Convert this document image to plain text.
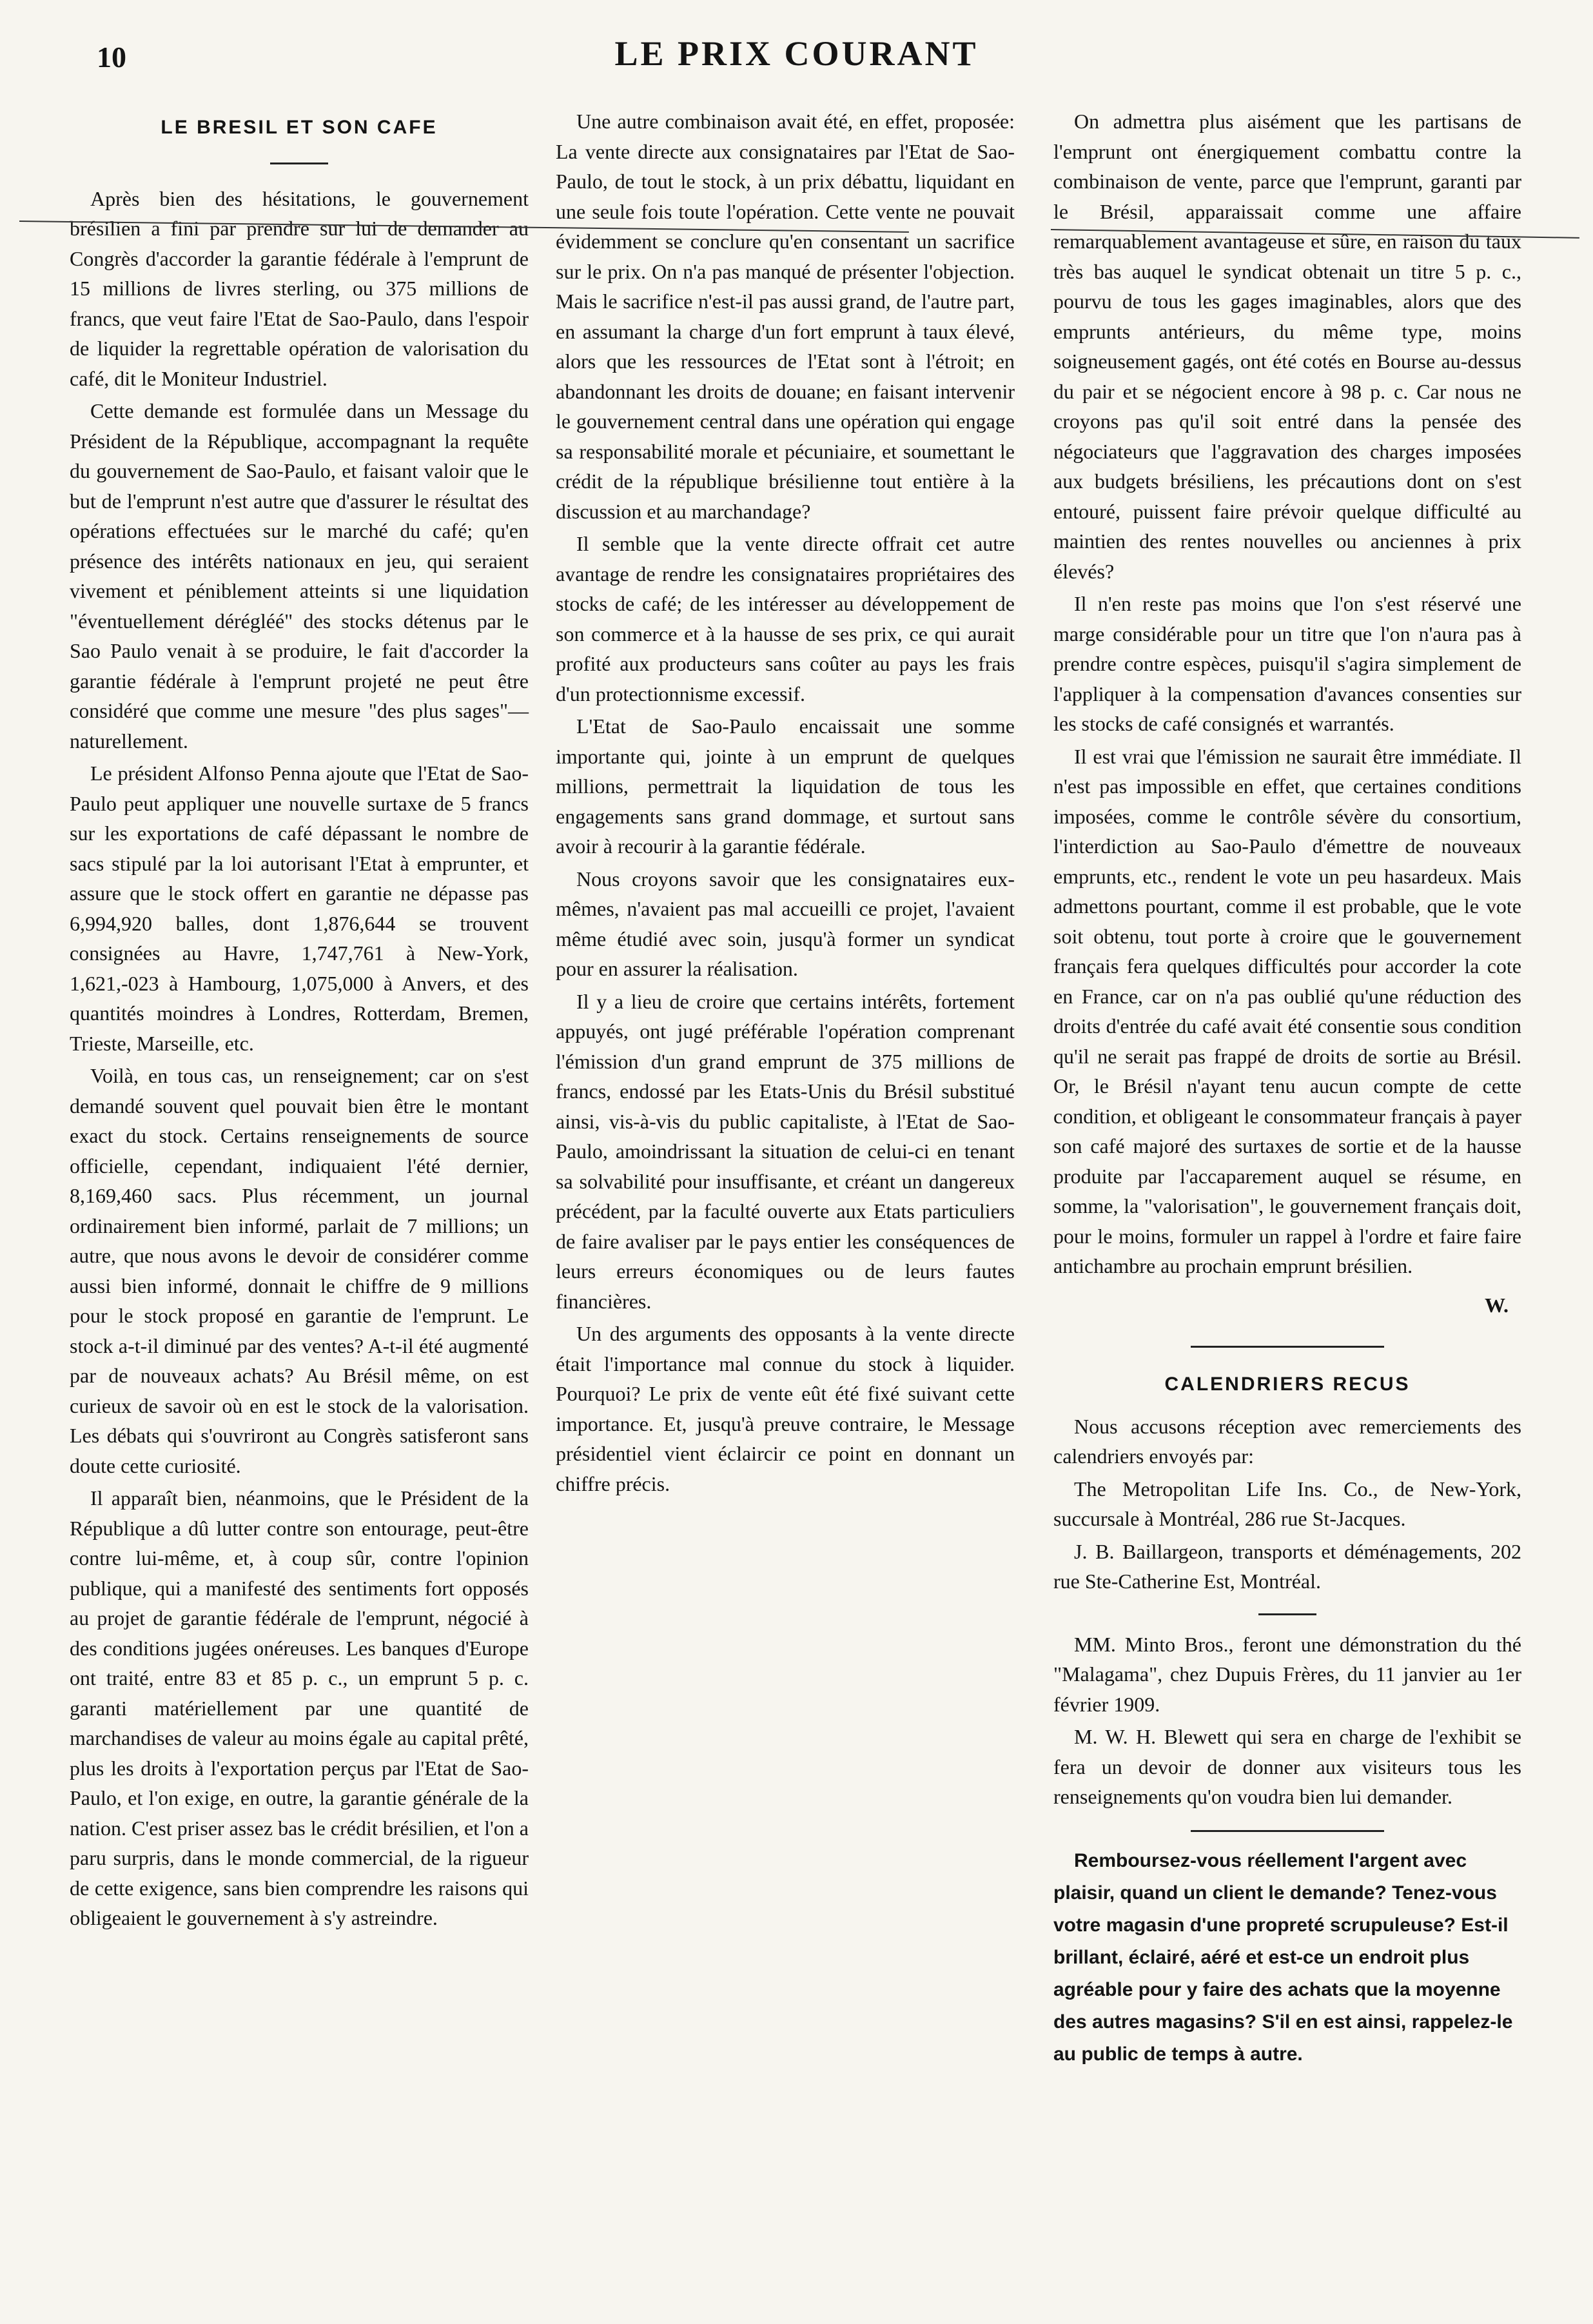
10	LE PRIX COURANT
LE BRESIL ET SON CAFE

Après bien des hésitations, le gouvernement brésilien a fini par prendre sur lui de demander au Congrès d'accorder la garantie fédérale à l'emprunt de 15 millions de livres sterling, ou 375 millions de francs, que veut faire l'Etat de Sao-Paulo, dans l'espoir de liquider la regrettable opération de valorisation du café, dit le Moniteur Industriel.

Cette demande est formulée dans un Message du Président de la République, accompagnant la requête du gouvernement de Sao-Paulo, et faisant valoir que le but de l'emprunt n'est autre que d'assurer le résultat des opérations effectuées sur le marché du café; qu'en présence des intérêts nationaux en jeu, qui seraient vivement et péniblement atteints si une liquidation "éventuellement dérégléé" des stocks détenus par le Sao Paulo venait à se produire, le fait d'accorder la garantie fédérale à l'emprunt projeté ne peut être considéré que comme une mesure "des plus sages"—naturellement.

Le président Alfonso Penna ajoute que l'Etat de Sao-Paulo peut appliquer une nouvelle surtaxe de 5 francs sur les exportations de café dépassant le nombre de sacs stipulé par la loi autorisant l'Etat à emprunter, et assure que le stock offert en garantie ne dépasse pas 6,994,920 balles, dont 1,876,644 se trouvent consignées au Havre, 1,747,761 à New-York, 1,621,-023 à Hambourg, 1,075,000 à Anvers, et des quantités moindres à Londres, Rotterdam, Bremen, Trieste, Marseille, etc.

Voilà, en tous cas, un renseignement; car on s'est demandé souvent quel pouvait bien être le montant exact du stock. Certains renseignements de source officielle, cependant, indiquaient l'été dernier, 8,169,460 sacs. Plus récemment, un journal ordinairement bien informé, parlait de 7 millions; un autre, que nous avons le devoir de considérer comme aussi bien informé, donnait le chiffre de 9 millions pour le stock proposé en garantie de l'emprunt. Le stock a-t-il diminué par des ventes? A-t-il été augmenté par de nouveaux achats? Au Brésil même, on est curieux de savoir où en est le stock de la valorisation. Les débats qui s'ouvriront au Congrès satisferont sans doute cette curiosité.

Il apparaît bien, néanmoins, que le Président de la République a dû lutter contre son entourage, peut-être contre lui-même, et, à coup sûr, contre l'opinion publique, qui a manifesté des sentiments fort opposés au projet de garantie fédérale de l'emprunt, négocié à des conditions jugées onéreuses. Les banques d'Europe ont traité, entre 83 et 85 p. c., un emprunt 5 p. c. garanti matériellement par une quantité de marchandises de valeur au moins égale au capital prêté, plus les droits à l'exportation perçus par l'Etat de Sao-Paulo, et l'on exige, en outre, la garantie générale de la nation. C'est priser assez bas le crédit brésilien, et l'on a paru surpris, dans le monde commercial, de la rigueur de cette exigence, sans bien comprendre les raisons qui obligeaient le gouvernement à s'y astreindre.

Une autre combinaison avait été, en effet, proposée: La vente directe aux consignataires par l'Etat de Sao-Paulo, de tout le stock, à un prix débattu, liquidant en une seule fois toute l'opération. Cette vente ne pouvait évidemment se conclure qu'en consentant un sacrifice sur le prix. On n'a pas manqué de présenter l'objection. Mais le sacrifice n'est-il pas aussi grand, de l'autre part, en assumant la charge d'un fort emprunt à taux élevé, alors que les ressources de l'Etat sont à l'étroit; en abandonnant les droits de douane; en faisant intervenir le gouvernement central dans une opération qui engage sa responsabilité morale et pécuniaire, et soumettant le crédit de la république brésilienne tout entière à la discussion et au marchandage?

Il semble que la vente directe offrait cet autre avantage de rendre les consignataires propriétaires des stocks de café; de les intéresser au développement de son commerce et à la hausse de ses prix, ce qui aurait profité aux producteurs sans coûter au pays les frais d'un protectionnisme excessif.

L'Etat de Sao-Paulo encaissait une somme importante qui, jointe à un emprunt de quelques millions, permettrait la liquidation de tous les engagements sans grand dommage, et surtout sans avoir à recourir à la garantie fédérale.

Nous croyons savoir que les consignataires eux-mêmes, n'avaient pas mal accueilli ce projet, l'avaient même étudié avec soin, jusqu'à former un syndicat pour en assurer la réalisation.

Il y a lieu de croire que certains intérêts, fortement appuyés, ont jugé préférable l'opération comprenant l'émission d'un grand emprunt de 375 millions de francs, endossé par les Etats-Unis du Brésil substitué ainsi, vis-à-vis du public capitaliste, à l'Etat de Sao-Paulo, amoindrissant la situation de celui-ci en tenant sa solvabilité pour insuffisante, et créant un dangereux précédent, par la faculté ouverte aux Etats particuliers de faire avaliser par le pays entier les conséquences de leurs erreurs économiques ou de leurs fautes financières.

Un des arguments des opposants à la vente directe était l'importance mal connue du stock à liquider. Pourquoi? Le prix de vente eût été fixé suivant cette importance. Et, jusqu'à preuve contraire, le Message présidentiel vient éclaircir ce point en donnant un chiffre précis.

On admettra plus aisément que les partisans de l'emprunt ont énergiquement combattu contre la combinaison de vente, parce que l'emprunt, garanti par le Brésil, apparaissait comme une affaire remarquablement avantageuse et sûre, en raison du taux très bas auquel le syndicat obtenait un titre 5 p. c., pourvu de tous les gages imaginables, alors que des emprunts antérieurs, du même type, moins soigneusement gagés, ont été cotés en Bourse au-dessus du pair et se négocient encore à 98 p. c. Car nous ne croyons pas qu'il soit entré dans la pensée des négociateurs que l'aggravation des charges imposées aux budgets brésiliens, les précautions dont on s'est entouré, puissent faire prévoir quelque difficulté au maintien des rentes nouvelles ou anciennes à prix élevés?

Il n'en reste pas moins que l'on s'est réservé une marge considérable pour un titre que l'on n'aura pas à prendre contre espèces, puisqu'il s'agira simplement de l'appliquer à la compensation d'avances consenties sur les stocks de café consignés et warrantés.

Il est vrai que l'émission ne saurait être immédiate. Il n'est pas impossible en effet, que certaines conditions imposées, comme le contrôle sévère du consortium, l'interdiction au Sao-Paulo d'émettre de nouveaux emprunts, etc., rendent le vote un peu hasardeux. Mais admettons pourtant, comme il est probable, que le vote soit obtenu, tout porte à croire que le gouvernement français fera quelques difficultés pour accorder la cote en France, car on n'a pas oublié qu'une réduction des droits d'entrée du café avait été consentie sous condition qu'il ne serait pas frappé de droits de sortie au Brésil. Or, le Brésil n'ayant tenu aucun compte de cette condition, et obligeant le consommateur français à payer son café majoré des surtaxes de sortie et de la hausse produite par l'accaparement auquel se résume, en somme, la "valorisation", le gouvernement français doit, pour le moins, formuler un rappel à l'ordre et faire faire antichambre au prochain emprunt brésilien.

W.
CALENDRIERS RECUS

Nous accusons réception avec remerciements des calendriers envoyés par:

The Metropolitan Life Ins. Co., de New-York, succursale à Montréal, 286 rue St-Jacques.

J. B. Baillargeon, transports et déménagements, 202 rue Ste-Catherine Est, Montréal.

MM. Minto Bros., feront une démonstration du thé "Malagama", chez Dupuis Frères, du 11 janvier au 1er février 1909.

M. W. H. Blewett qui sera en charge de l'exhibit se fera un devoir de donner aux visiteurs tous les renseignements qu'on voudra bien lui demander.

Remboursez-vous réellement l'argent avec plaisir, quand un client le demande? Tenez-vous votre magasin d'une propreté scrupuleuse? Est-il brillant, éclairé, aéré et est-ce un endroit plus agréable pour y faire des achats que la moyenne des autres magasins? S'il en est ainsi, rappelez-le au public de temps à autre.
